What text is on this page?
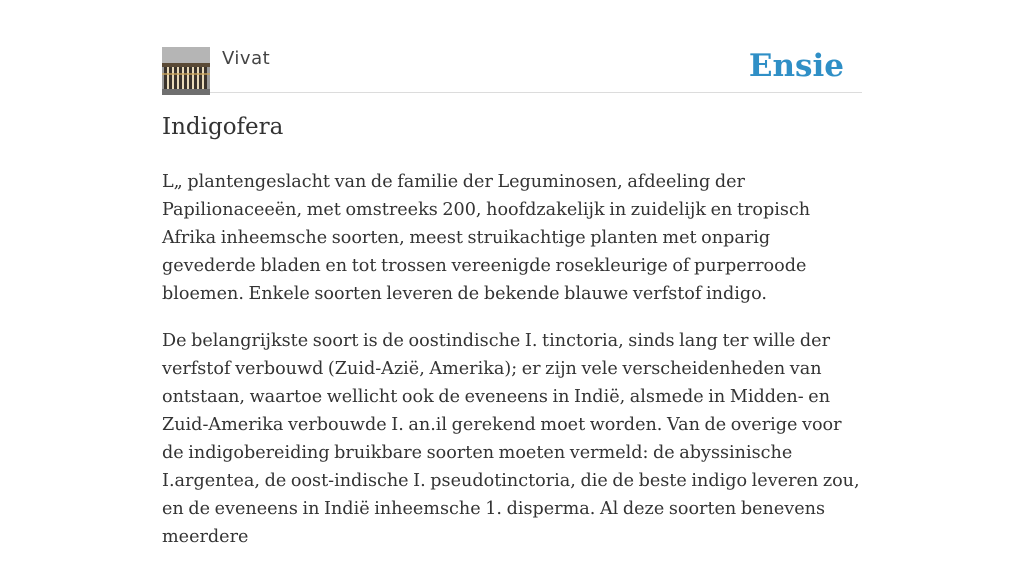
Vivat	Ensie
Indigofera

L„ plantengeslacht van de familie der Leguminosen, afdeeling der Papilionaceeën, met omstreeks 200, hoofdzakelijk in zuidelijk en tropisch Afrika inheemsche soorten, meest struikachtige planten met onparig gevederde bladen en tot trossen vereenigde rosekleurige of purperroode bloemen. Enkele soorten leveren de bekende blauwe verfstof indigo.

De belangrijkste soort is de oostindische I. tinctoria, sinds lang ter wille der verfstof verbouwd (Zuid-Azië, Amerika); er zijn vele verscheidenheden van ontstaan, waartoe wellicht ook de eveneens in Indië, alsmede in Midden- en Zuid-Amerika verbouwde I. an.il gerekend moet worden. Van de overige voor de indigobereiding bruikbare soorten moeten vermeld: de abyssinische I.argentea, de oost-indische I. pseudotinctoria, die de beste indigo leveren zou, en de eveneens in Indië inheemsche 1. disperma. Al deze soorten benevens meerdere
